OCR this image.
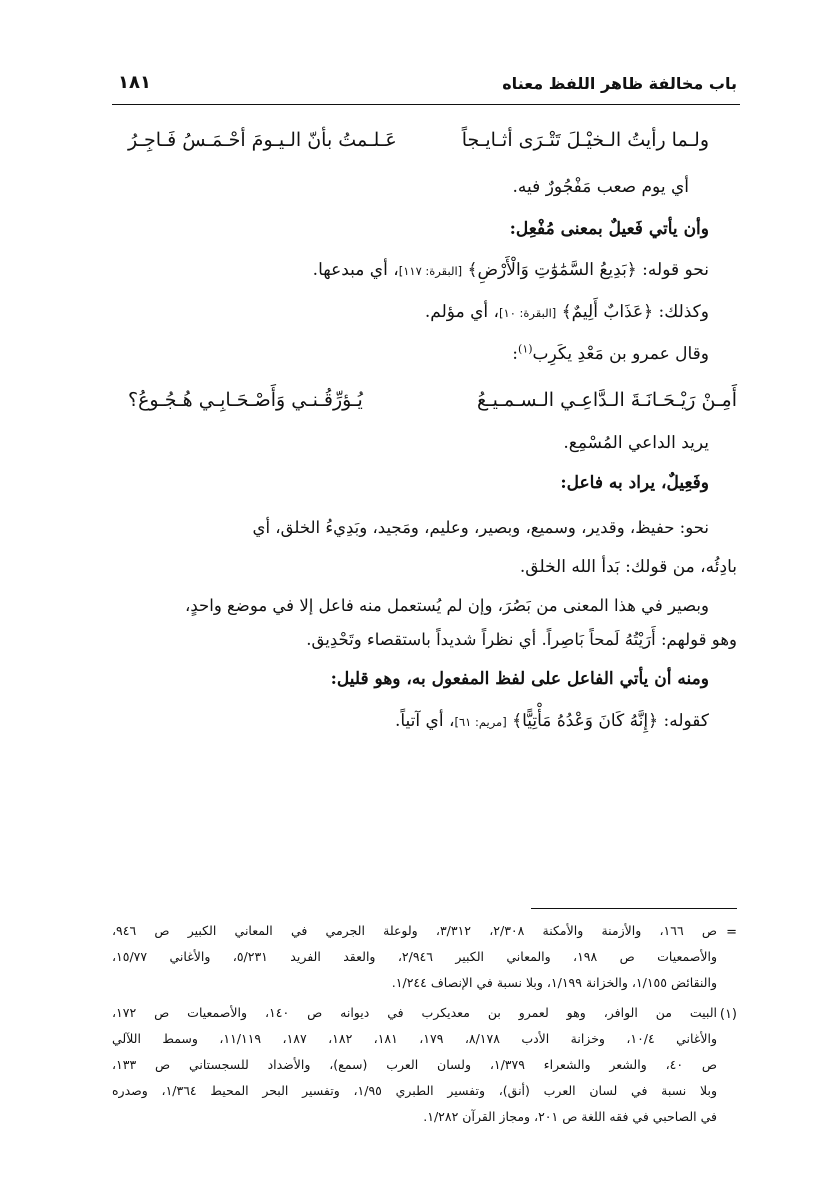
باب مخالفة ظاهر اللفظ معناه
١٨١
ولـما رأيتُ الـخيْـلَ تَتْـرَى أثـايـجاً
عَـلـمتُ بأنّ الـيـومَ أحْـمَـسُ فَـاجِـرُ
أي يوم صعب مَفْجُورٌ فيه.
وأن يأتي فَعيلٌ بمعنى مُفْعِل:
نحو قوله: ﴿بَدِيعُ السَّمَٰوَٰتِ وَالْأَرْضِ﴾ [البقرة: ١١٧]، أي مبدعها.
وكذلك: ﴿عَذَابٌ أَلِيمٌ﴾ [البقرة: ١٠]، أي مؤلم.
وقال عمرو بن مَعْدِ يكَرِب$^{(١)}$:
أَمِـنْ رَيْـحَـانَـةَ الـدَّاعِـي الـسـمـيـعُ
يُـؤرِّقُـنـي وَأَصْـحَـابِـي هُـجُـوعُ؟
يريد الداعي المُسْمِع.
وفَعِيلٌ، يراد به فاعل:
نحو: حفيظ، وقدير، وسميع، وبصير، وعليم، ومَجيد، وبَدِيءُ الخلق، أي
بادِئُه، من قولك: بَدأ الله الخلق.
وبصير في هذا المعنى من بَصُرَ، وإن لم يُستعمل منه فاعل إلا في موضع واحدٍ،
وهو قولهم: أَرَيْتُهُ لَمحاً بَاصِراً. أي نظراً شديداً باستقصاء وتَحْدِيق.
ومنه أن يأتي الفاعل على لفظ المفعول به، وهو قليل:
كقوله: ﴿إِنَّهُ كَانَ وَعْدُهُ مَأْتِيًّا﴾ [مريم: ٦١]، أي آتياً.
=
ص ١٦٦، والأزمنة والأمكنة ٢/٣٠٨، ٣/٣١٢، ولوعلة الجرمي في المعاني الكبير ص ٩٤٦،
والأصمعيات ص ١٩٨، والمعاني الكبير ٢/٩٤٦، والعقد الفريد ٥/٢٣١، والأغاني ١٥/٧٧،
والنقائض ١/١٥٥، والخزانة ١/١٩٩، وبلا نسبة في الإنصاف ١/٢٤٤.
(١)
البيت من الوافر، وهو لعمرو بن معديكرب في ديوانه ص ١٤٠، والأصمعيات ص ١٧٢،
والأغاني ١٠/٤، وخزانة الأدب ٨/١٧٨، ١٧٩، ١٨١، ١٨٢، ١٨٧، ١١/١١٩، وسمط اللآلي
ص ٤٠، والشعر والشعراء ١/٣٧٩، ولسان العرب (سمع)، والأضداد للسجستاني ص ١٣٣،
وبلا نسبة في لسان العرب (أنق)، وتفسير الطبري ١/٩٥، وتفسير البحر المحيط ١/٣٦٤، وصدره
في الصاحبي في فقه اللغة ص ٢٠١، ومجاز القرآن ١/٢٨٢.
